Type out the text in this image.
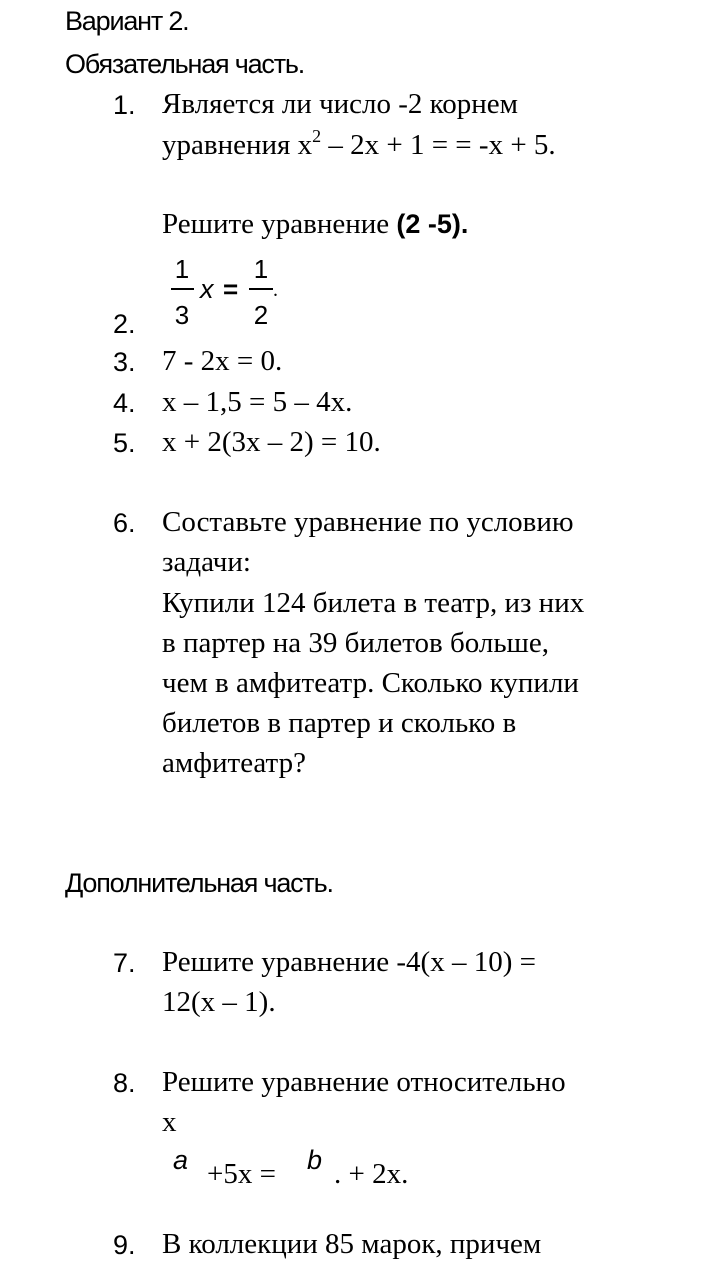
Вариант 2.
Обязательная часть.
1. Является ли число -2 корнем
уравнения $x^2 - 2x + 1$ = = -x + 5.
Решите уравнение (2 -5).
1
3
x =
1
2
.
2.
3. 7 - 2x = 0.
4. x – 1,5 = 5 – 4x.
5. x + 2(3x – 2) = 10.
6. Составьте уравнение по условию
задачи:
Купили 124 билета в театр, из них
в партер на 39 билетов больше,
чем в амфитеатр. Сколько купили
билетов в партер и сколько в
амфитеатр?
Дополнительная часть.
7. Решите уравнение -4(x – 10) =
12(x – 1).
8. Решите уравнение относительно
x
a +5x = b . + 2x.
9. В коллекции 85 марок, причем
